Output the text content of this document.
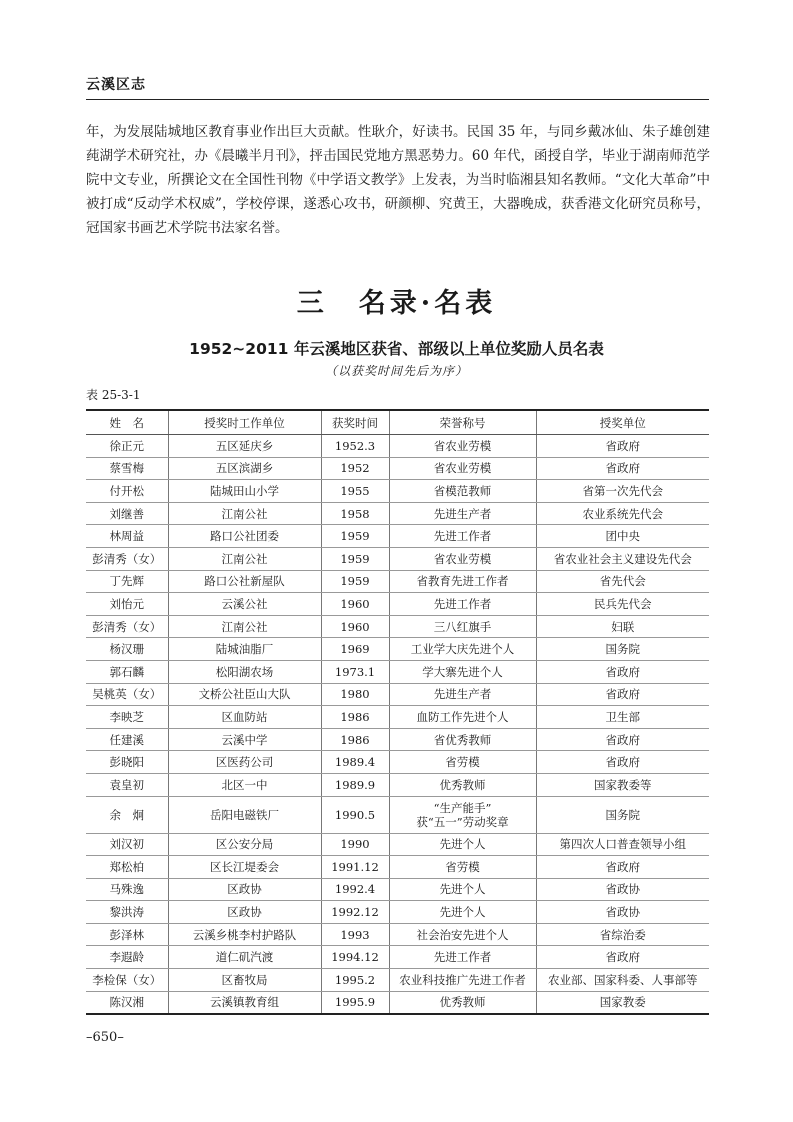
云溪区志

年，为发展陆城地区教育事业作出巨大贡献。性耿介，好读书。民国 35 年，与同乡戴冰仙、朱子雄创建莼湖学术研究社，办《晨曦半月刊》，抨击国民党地方黑恶势力。60 年代，函授自学，毕业于湖南师范学院中文专业，所撰论文在全国性刊物《中学语文教学》上发表，为当时临湘县知名教师。“文化大革命”中被打成“反动学术权威”，学校停课，遂悉心攻书，研颜柳、究黄王，大器晚成，获香港文化研究员称号，冠国家书画艺术学院书法家名誉。

三　名录·名表
1952~2011 年云溪地区获省、部级以上单位奖励人员名表
（以获奖时间先后为序）
表 25-3-1
姓　名	授奖时工作单位	获奖时间	荣誉称号	授奖单位
徐正元	五区延庆乡	1952.3	省农业劳模	省政府
蔡雪梅	五区滨湖乡	1952	省农业劳模	省政府
付开松	陆城田山小学	1955	省模范教师	省第一次先代会
刘继善	江南公社	1958	先进生产者	农业系统先代会
林周益	路口公社团委	1959	先进工作者	团中央
彭清秀（女）	江南公社	1959	省农业劳模	省农业社会主义建设先代会
丁先辉	路口公社新屋队	1959	省教育先进工作者	省先代会
刘怡元	云溪公社	1960	先进工作者	民兵先代会
彭清秀（女）	江南公社	1960	三八红旗手	妇联
杨汉珊	陆城油脂厂	1969	工业学大庆先进个人	国务院
郭石麟	松阳湖农场	1973.1	学大寨先进个人	省政府
吴桃英（女）	文桥公社臣山大队	1980	先进生产者	省政府
李映芝	区血防站	1986	血防工作先进个人	卫生部
任建溪	云溪中学	1986	省优秀教师	省政府
彭晓阳	区医药公司	1989.4	省劳模	省政府
袁皇初	北区一中	1989.9	优秀教师	国家教委等
余　炯	岳阳电磁铁厂	1990.5	“生产能手”
获“五一”劳动奖章	国务院
刘汉初	区公安分局	1990	先进个人	第四次人口普查领导小组
郑松柏	区长江堤委会	1991.12	省劳模	省政府
马殊逸	区政协	1992.4	先进个人	省政协
黎洪涛	区政协	1992.12	先进个人	省政协
彭泽林	云溪乡桃李村护路队	1993	社会治安先进个人	省综治委
李遐龄	道仁矶汽渡	1994.12	先进工作者	省政府
李检保（女）	区畜牧局	1995.2	农业科技推广先进工作者	农业部、国家科委、人事部等
陈汉湘	云溪镇教育组	1995.9	优秀教师	国家教委
–650–
